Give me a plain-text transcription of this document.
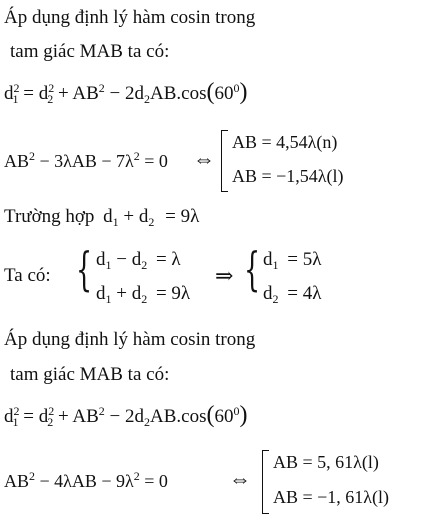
Áp dụng định lý hàm cosin trong
tam giác MAB ta có:
$d^2_1 = d^2_2 + AB^2 - 2d_2AB.\cos(60^0)$
$AB^2 - 3\lambda AB - 7\lambda^2 = 0$ ⇔
AB = 4,54λ(n)
AB = −1,54λ(l)
Trường hợp $d_1 + d_2 = 9\lambda$
Ta có: { $d_1 - d_2 = \lambda$
$d_1 + d_2 = 9\lambda$
⇒ { $d_1 = 5\lambda$
$d_2 = 4\lambda$
Áp dụng định lý hàm cosin trong
tam giác MAB ta có:
$d^2_1 = d^2_2 + AB^2 - 2d_2AB.\cos(60^0)$
$AB^2 - 4\lambda AB - 9\lambda^2 = 0$	⇔
AB = 5, 61λ(l)
AB = −1, 61λ(l)
